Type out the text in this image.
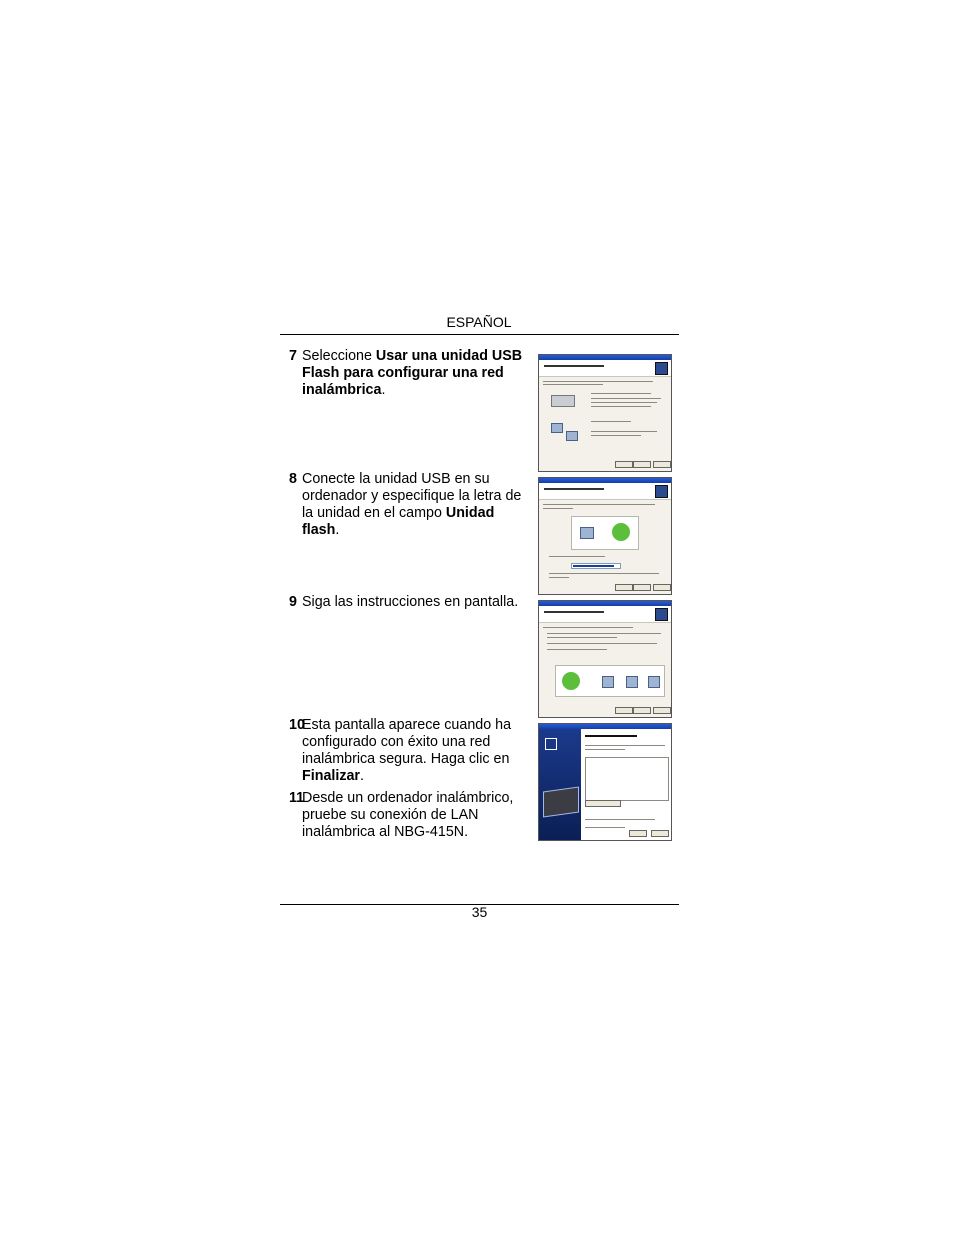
ESPAÑOL
7 Seleccione Usar una unidad USB Flash para configurar una red inalámbrica.
8 Conecte la unidad USB en su ordenador y especifique la letra de la unidad en el campo Unidad flash.
9 Siga las instrucciones en pantalla.
10
Esta pantalla aparece cuando ha configurado con éxito una red inalámbrica segura. Haga clic en Finalizar.
11
Desde un ordenador inalámbrico, pruebe su conexión de LAN inalámbrica al NBG-415N.
35
